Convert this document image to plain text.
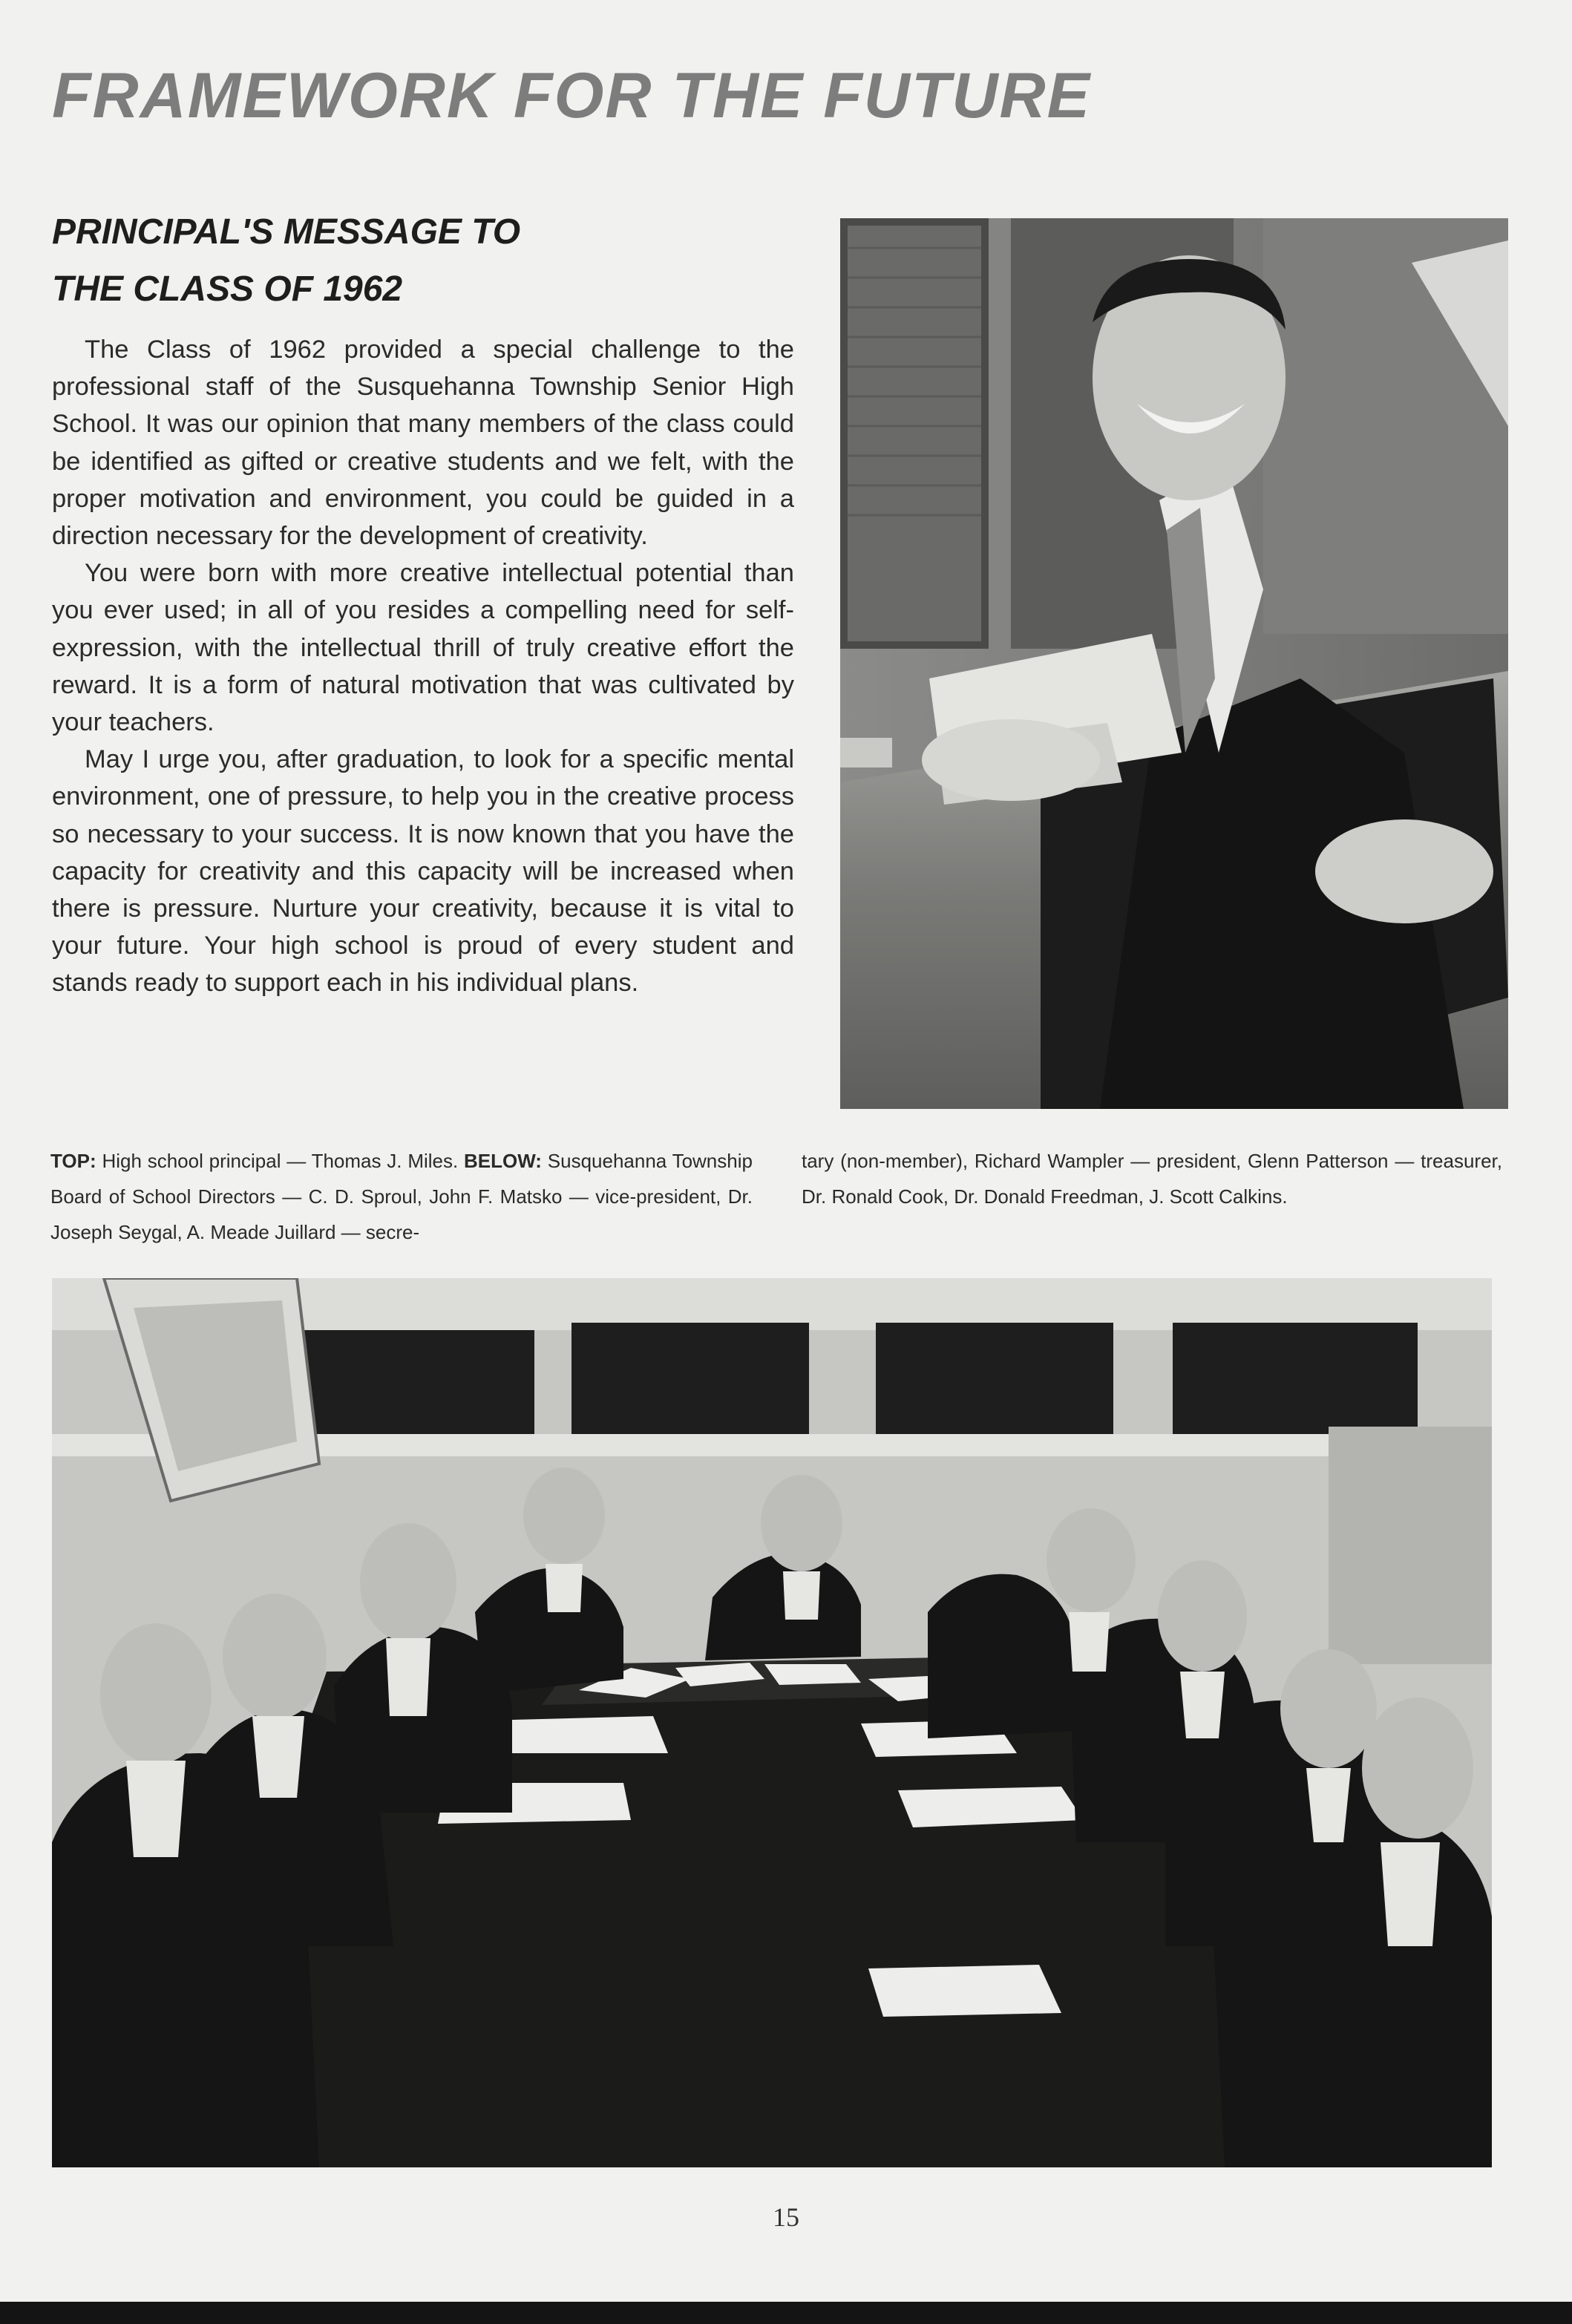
FRAMEWORK FOR THE FUTURE
PRINCIPAL'S MESSAGE TO
THE CLASS OF 1962

The Class of 1962 provided a special challenge to the professional staff of the Susquehanna Township Senior High School. It was our opinion that many members of the class could be identified as gifted or creative students and we felt, with the proper motivation and environment, you could be guided in a direction necessary for the development of creativity.

You were born with more creative intellectual potential than you ever used; in all of you resides a compelling need for self-expression, with the intellectual thrill of truly creative effort the reward. It is a form of natural motivation that was cultivated by your teachers.

May I urge you, after graduation, to look for a specific mental environment, one of pressure, to help you in the creative process so necessary to your success. It is now known that you have the capacity for creativity and this capacity will be increased when there is pressure. Nurture your creativity, because it is vital to your future. Your high school is proud of every student and stands ready to support each in his individual plans.

TOP: High school principal — Thomas J. Miles. BELOW: Susquehanna Township Board of School Directors — C. D. Sproul, John F. Matsko — vice-president, Dr. Joseph Seygal, A. Meade Juillard — secre-
tary (non-member), Richard Wampler — president, Glenn Patterson — treasurer, Dr. Ronald Cook, Dr. Donald Freedman, J. Scott Calkins.
15
